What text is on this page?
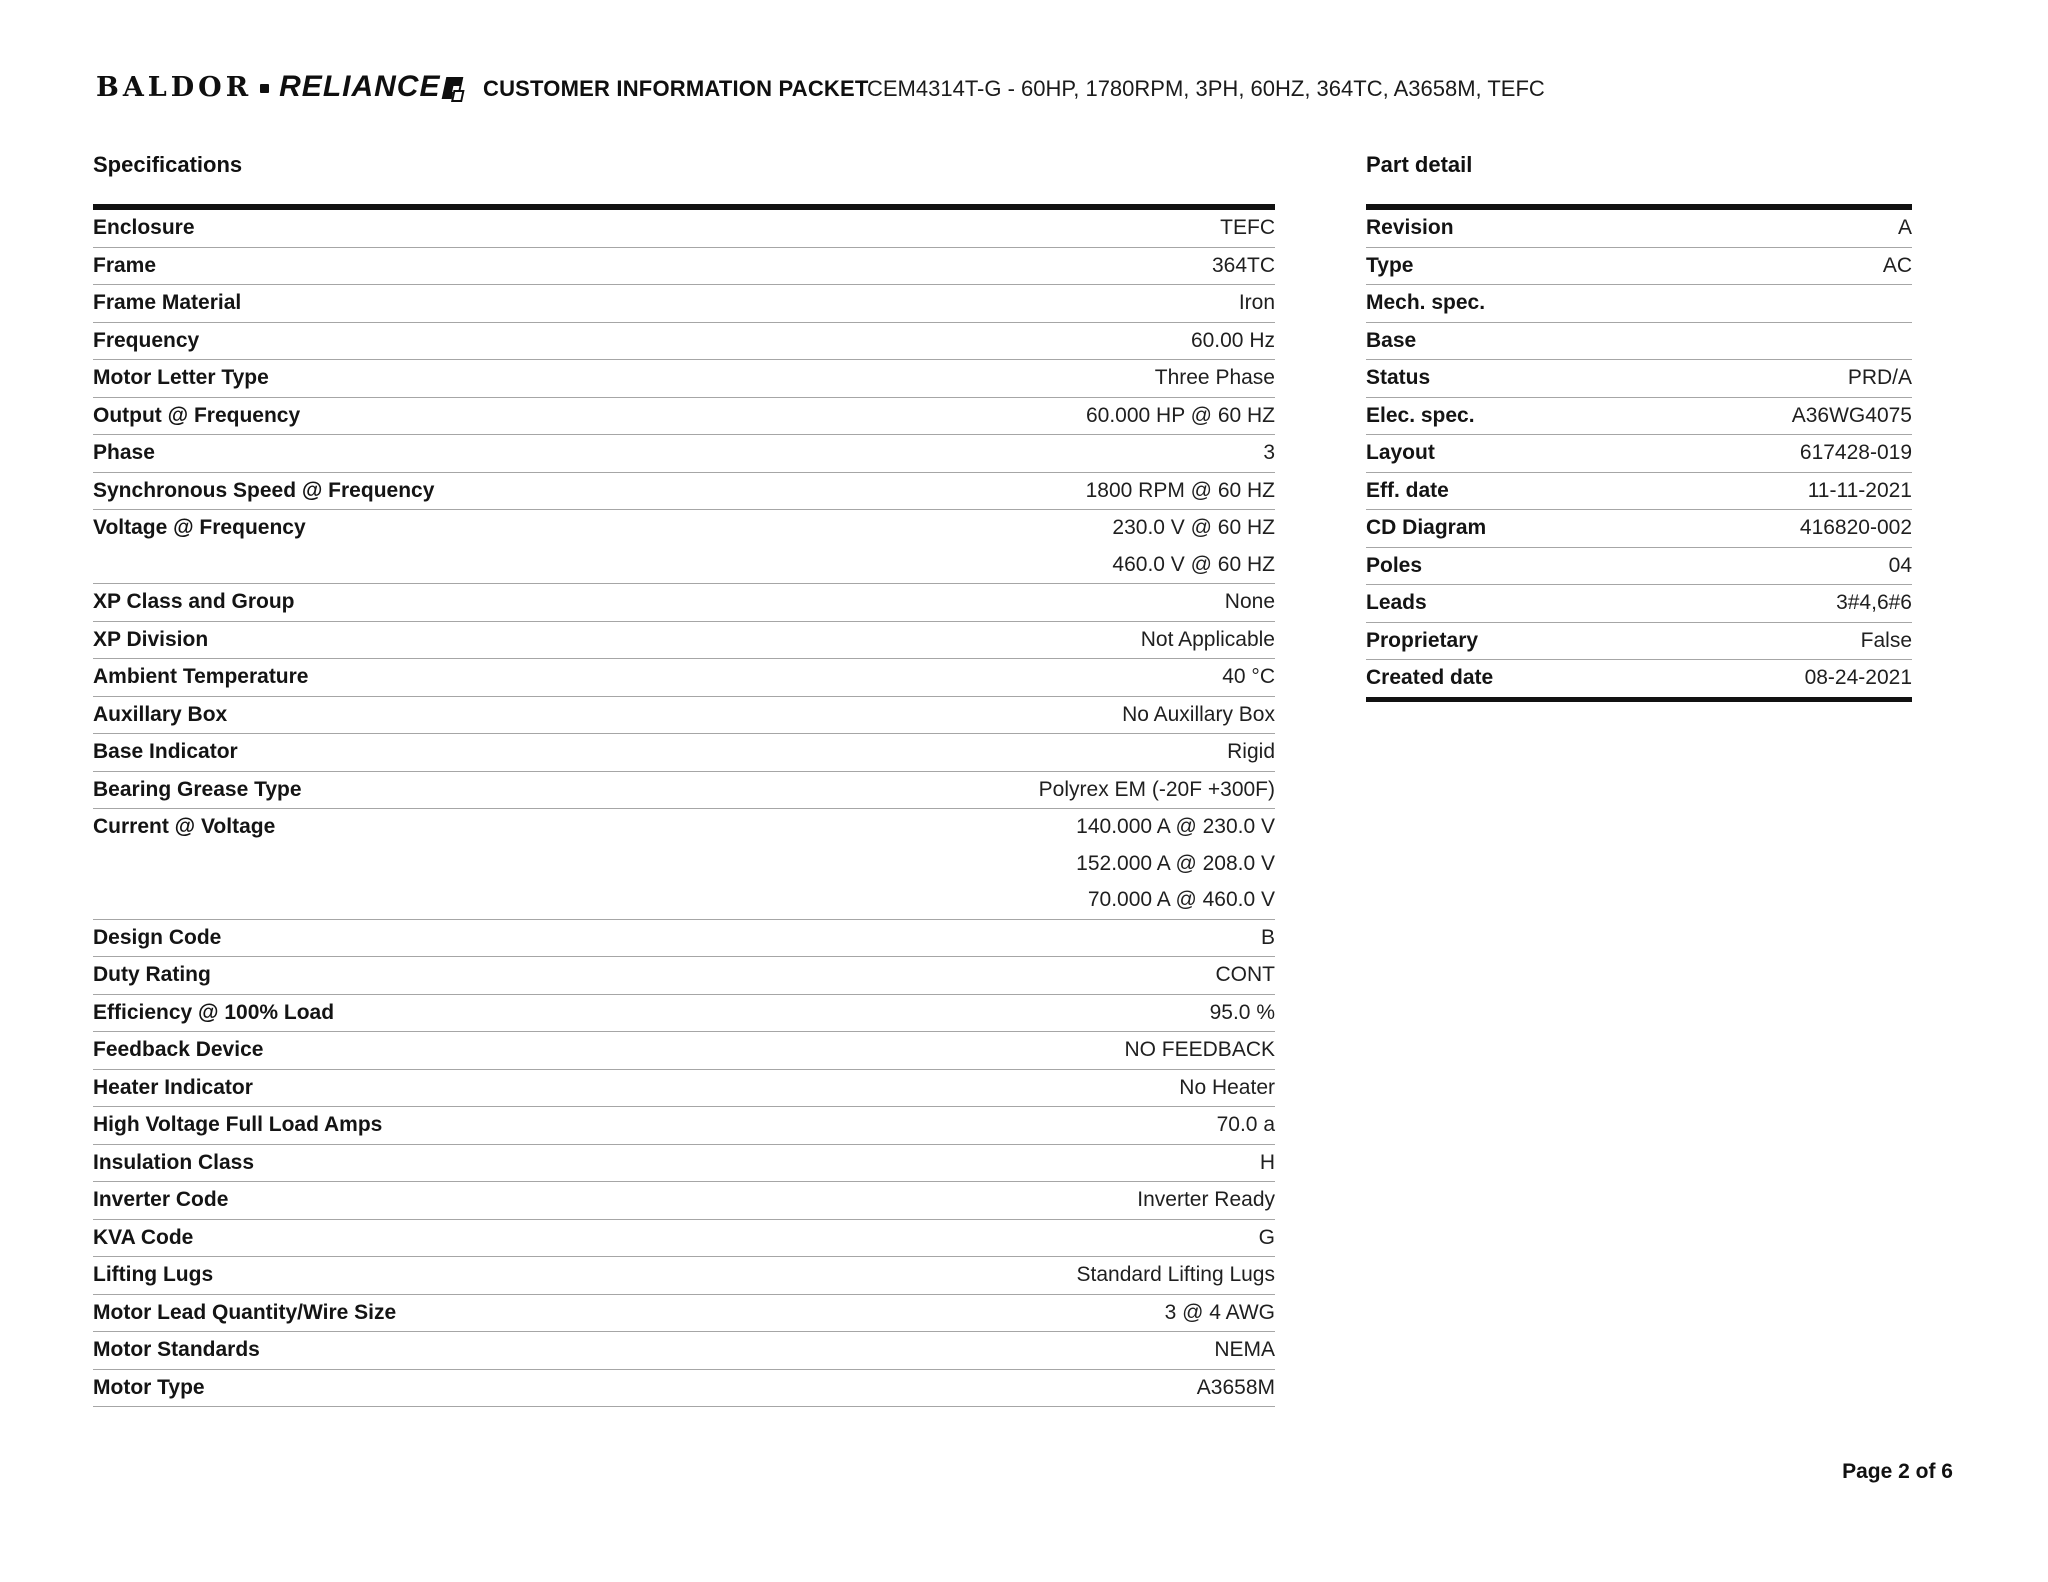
BALDOR RELIANCE CUSTOMER INFORMATION PACKET
CEM4314T-G - 60HP, 1780RPM, 3PH, 60HZ, 364TC, A3658M, TEFC
Specifications
Enclosure	TEFC
Frame	364TC
Frame Material	Iron
Frequency	60.00 Hz
Motor Letter Type	Three Phase
Output @ Frequency	60.000 HP @ 60 HZ
Phase	3
Synchronous Speed @ Frequency	1800 RPM @ 60 HZ
Voltage @ Frequency	230.0 V @ 60 HZ
460.0 V @ 60 HZ
XP Class and Group	None
XP Division	Not Applicable
Ambient Temperature	40 °C
Auxillary Box	No Auxillary Box
Base Indicator	Rigid
Bearing Grease Type	Polyrex EM (-20F +300F)
Current @ Voltage	140.000 A @ 230.0 V
152.000 A @ 208.0 V
70.000 A @ 460.0 V
Design Code	B
Duty Rating	CONT
Efficiency @ 100% Load	95.0 %
Feedback Device	NO FEEDBACK
Heater Indicator	No Heater
High Voltage Full Load Amps	70.0 a
Insulation Class	H
Inverter Code	Inverter Ready
KVA Code	G
Lifting Lugs	Standard Lifting Lugs
Motor Lead Quantity/Wire Size	3 @ 4 AWG
Motor Standards	NEMA
Motor Type	A3658M
Part detail
Revision	A
Type	AC
Mech. spec.
Base
Status	PRD/A
Elec. spec.	A36WG4075
Layout	617428-019
Eff. date	11-11-2021
CD Diagram	416820-002
Poles	04
Leads	3#4,6#6
Proprietary	False
Created date	08-24-2021
Page 2 of 6
